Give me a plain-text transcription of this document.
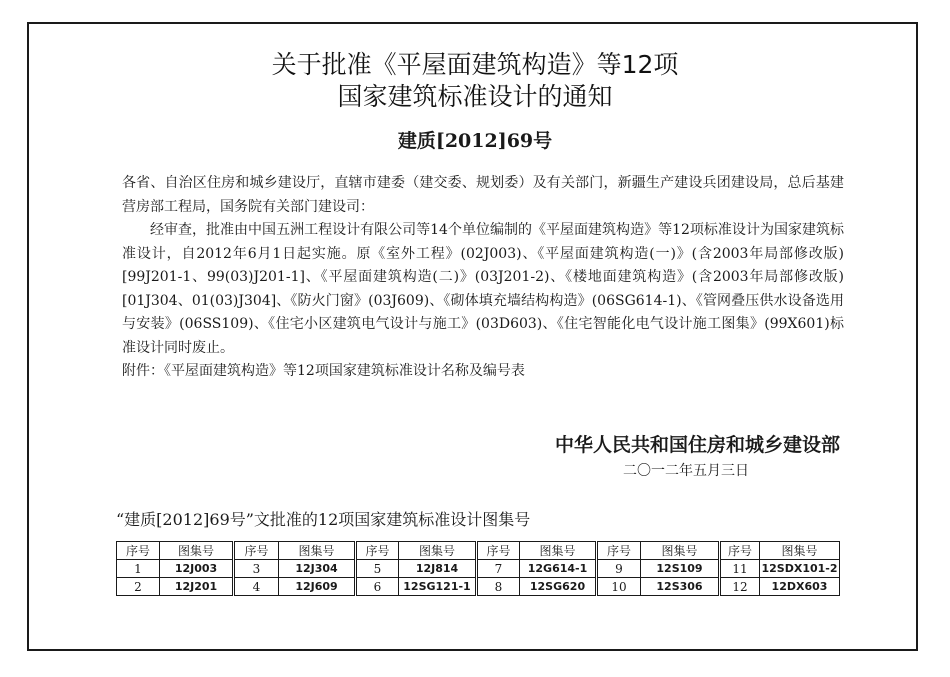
关于批准《平屋面建筑构造》等12项
国家建筑标准设计的通知
建质[2012]69号

各省、自治区住房和城乡建设厅，直辖市建委（建交委、规划委）及有关部门，新疆生产建设兵团建设局，总后基建营房部工程局，国务院有关部门建设司：

经审查，批准由中国五洲工程设计有限公司等14个单位编制的《平屋面建筑构造》等12项标准设计为国家建筑标准设计，自2012年6月1日起实施。原《室外工程》(02J003)、《平屋面建筑构造(一)》(含2003年局部修改版)[99J201-1、99(03)J201-1]、《平屋面建筑构造(二)》(03J201-2)、《楼地面建筑构造》(含2003年局部修改版)[01J304、01(03)J304]、《防火门窗》(03J609)、《砌体填充墙结构构造》(06SG614-1)、《管网叠压供水设备选用与安装》(06SS109)、《住宅小区建筑电气设计与施工》(03D603)、《住宅智能化电气设计施工图集》(99X601)标准设计同时废止。

附件：《平屋面建筑构造》等12项国家建筑标准设计名称及编号表

中华人民共和国住房和城乡建设部
二〇一二年五月三日
“建质[2012]69号”文批准的12项国家建筑标准设计图集号
序号	图集号	序号	图集号	序号	图集号	序号	图集号	序号	图集号	序号	图集号
1	12J003	3	12J304	5	12J814	7	12G614-1	9	12S109	11	12SDX101-2
2	12J201	4	12J609	6	12SG121-1	8	12SG620	10	12S306	12	12DX603
